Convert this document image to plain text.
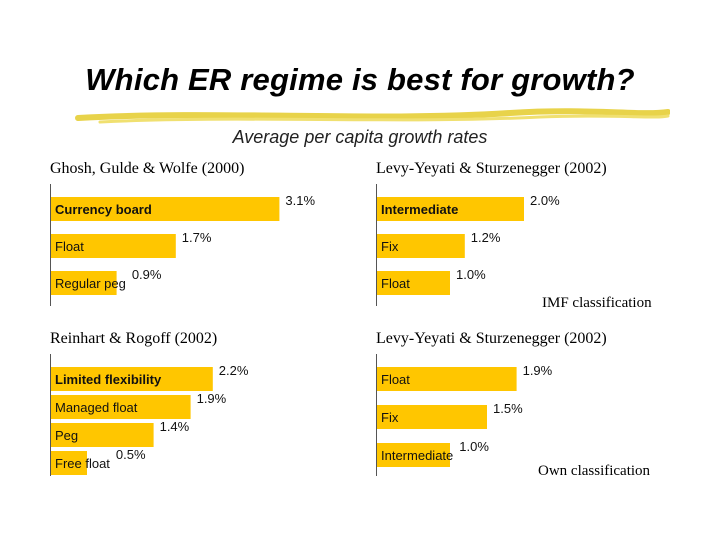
Which ER regime is best for growth?
Average per capita growth rates
Ghosh, Gulde & Wolfe (2000)
Currency board
3.1%
Float
1.7%
Regular peg
0.9%
Levy-Yeyati & Sturzenegger (2002)
Intermediate
2.0%
Fix
1.2%
Float
1.0%
IMF classification
Reinhart & Rogoff (2002)
Limited flexibility
2.2%
Managed float
1.9%
Peg
1.4%
Free float
0.5%
Levy-Yeyati & Sturzenegger (2002)
Float
1.9%
Fix
1.5%
Intermediate
1.0%
Own classification
